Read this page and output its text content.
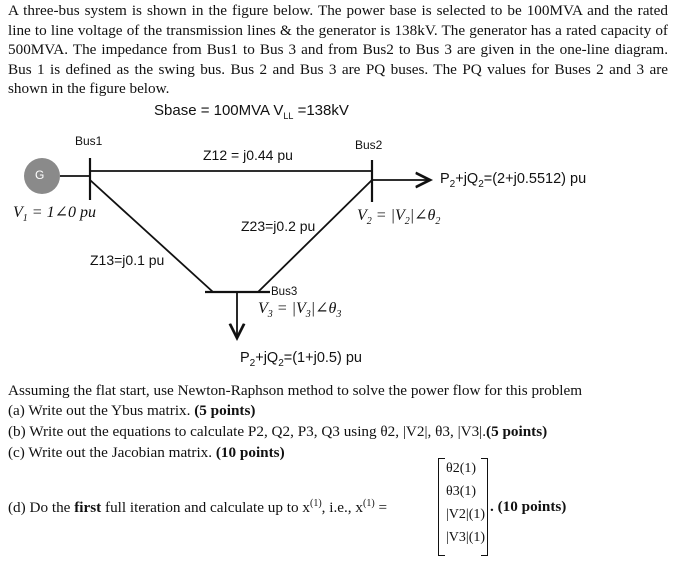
A three-bus system is shown in the figure below. The power base is selected to be 100MVA and the rated line to line voltage of the transmission lines & the generator is 138kV. The generator has a rated capacity of 500MVA. The impedance from Bus1 to Bus 3 and from Bus2 to Bus 3 are given in the one-line diagram. Bus 1 is defined as the swing bus. Bus 2 and Bus 3 are PQ buses. The PQ values for Buses 2 and 3 are shown in the figure below.
Sbase = 100MVA $V_{LL} =138kV$
G
Bus1	Bus2
Bus3
Z12 = j0.44 pu
Z13=j0.1 pu
Z23=j0.2 pu
$V_1$ = 1∠0 pu	$V_2$ = $|V_2|\angle\theta_2$
$V_3$ = $|V_3|\angle\theta_3$
$P_2+jQ_2=(2+j0.5512)$ pu
$P_2+jQ_2=(1+j0.5)$ pu
Assuming the flat start, use Newton-Raphson method to solve the power flow for this problem
(a) Write out the Ybus matrix. (5 points)
(b) Write out the equations to calculate P2, Q2, P3, Q3 using θ2, |V2|, θ3, |V3|.(5 points)
(c) Write out the Jacobian matrix. (10 points)
(d) Do the first full iteration and calculate up to $x^{(1)}$, i.e., $x^{(1)}$ =
θ2(1)
θ3(1)
|V2|(1)
|V3|(1)
. (10 points)
